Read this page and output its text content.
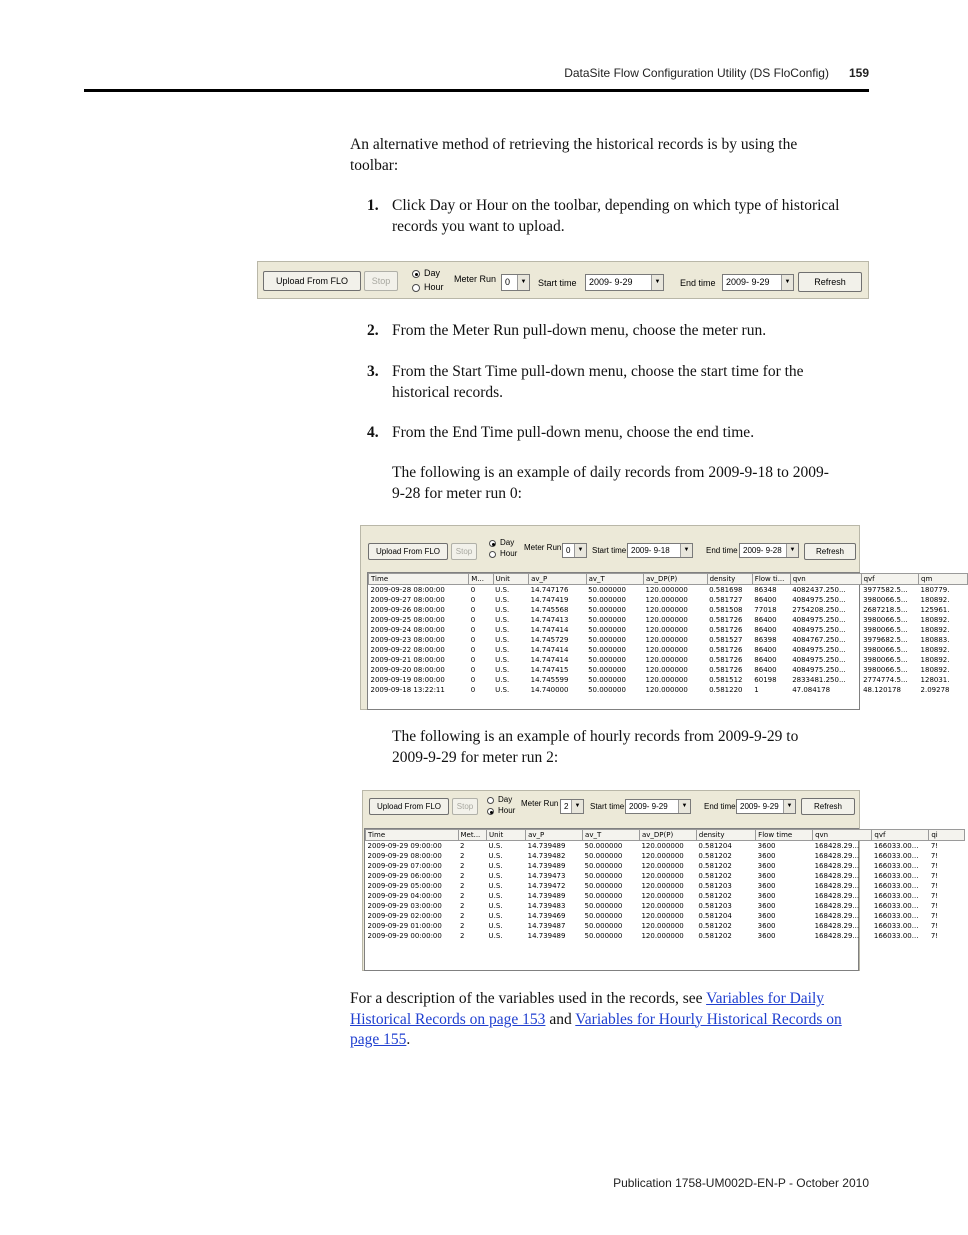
DataSite Flow Configuration Utility (DS FloConfig) 159
An alternative method of retrieving the historical records is by using the toolbar:
1. Click Day or Hour on the toolbar, depending on which type of historical records you want to upload.
Upload From FLO	Stop
Day
Hour
Meter Run 0	▼ Start time	2009- 9-29	▼ End time	2009- 9-29	▼	Refresh
2. From the Meter Run pull-down menu, choose the meter run.
3. From the Start Time pull-down menu, choose the start time for the historical records.
4. From the End Time pull-down menu, choose the end time.
The following is an example of daily records from 2009-9-18 to 2009-9-28 for meter run 0:
Upload From FLO	Stop
Day
Hour
Meter Run 0	▼	Start time 2009- 9-18	▼	End time 2009- 9-28	▼	Refresh
Time	M...	Unit	av_P	av_T	av_DP(P)	density	Flow ti...	qvn	qvf	qm
2009-09-28 08:00:00	0	U.S.	14.747176	50.000000	120.000000	0.581698	86348	4082437.250...	3977582.5...	180779.
2009-09-27 08:00:00	0	U.S.	14.747419	50.000000	120.000000	0.581727	86400	4084975.250...	3980066.5...	180892.
2009-09-26 08:00:00	0	U.S.	14.745568	50.000000	120.000000	0.581508	77018	2754208.250...	2687218.5...	125961.
2009-09-25 08:00:00	0	U.S.	14.747413	50.000000	120.000000	0.581726	86400	4084975.250...	3980066.5...	180892.
2009-09-24 08:00:00	0	U.S.	14.747414	50.000000	120.000000	0.581726	86400	4084975.250...	3980066.5...	180892.
2009-09-23 08:00:00	0	U.S.	14.745729	50.000000	120.000000	0.581527	86398	4084767.250...	3979682.5...	180883.
2009-09-22 08:00:00	0	U.S.	14.747414	50.000000	120.000000	0.581726	86400	4084975.250...	3980066.5...	180892.
2009-09-21 08:00:00	0	U.S.	14.747414	50.000000	120.000000	0.581726	86400	4084975.250...	3980066.5...	180892.
2009-09-20 08:00:00	0	U.S.	14.747415	50.000000	120.000000	0.581726	86400	4084975.250...	3980066.5...	180892.
2009-09-19 08:00:00	0	U.S.	14.745599	50.000000	120.000000	0.581512	60198	2833481.250...	2774774.5...	128031.
2009-09-18 13:22:11	0	U.S.	14.740000	50.000000	120.000000	0.581220	1	47.084178	48.120178	2.09278
The following is an example of hourly records from 2009-9-29 to 2009-9-29 for meter run 2:
Upload From FLO	Stop
Day
Hour
Meter Run 2	▼	Start time 2009- 9-29	▼	End time 2009- 9-29	▼	Refresh
Time	Met...	Unit	av_P	av_T	av_DP(P)	density	Flow time	qvn	qvf	qi
2009-09-29 09:00:00	2	U.S.	14.739489	50.000000	120.000000	0.581204	3600	168428.29...	166033.00...	7!
2009-09-29 08:00:00	2	U.S.	14.739482	50.000000	120.000000	0.581202	3600	168428.29...	166033.00...	7!
2009-09-29 07:00:00	2	U.S.	14.739489	50.000000	120.000000	0.581202	3600	168428.29...	166033.00...	7!
2009-09-29 06:00:00	2	U.S.	14.739473	50.000000	120.000000	0.581202	3600	168428.29...	166033.00...	7!
2009-09-29 05:00:00	2	U.S.	14.739472	50.000000	120.000000	0.581203	3600	168428.29...	166033.00...	7!
2009-09-29 04:00:00	2	U.S.	14.739489	50.000000	120.000000	0.581202	3600	168428.29...	166033.00...	7!
2009-09-29 03:00:00	2	U.S.	14.739483	50.000000	120.000000	0.581203	3600	168428.29...	166033.00...	7!
2009-09-29 02:00:00	2	U.S.	14.739469	50.000000	120.000000	0.581204	3600	168428.29...	166033.00...	7!
2009-09-29 01:00:00	2	U.S.	14.739487	50.000000	120.000000	0.581202	3600	168428.29...	166033.00...	7!
2009-09-29 00:00:00	2	U.S.	14.739489	50.000000	120.000000	0.581202	3600	168428.29...	166033.00...	7!
For a description of the variables used in the records, see Variables for Daily Historical Records on page 153 and Variables for Hourly Historical Records on page 155.
Publication 1758-UM002D-EN-P - October 2010
